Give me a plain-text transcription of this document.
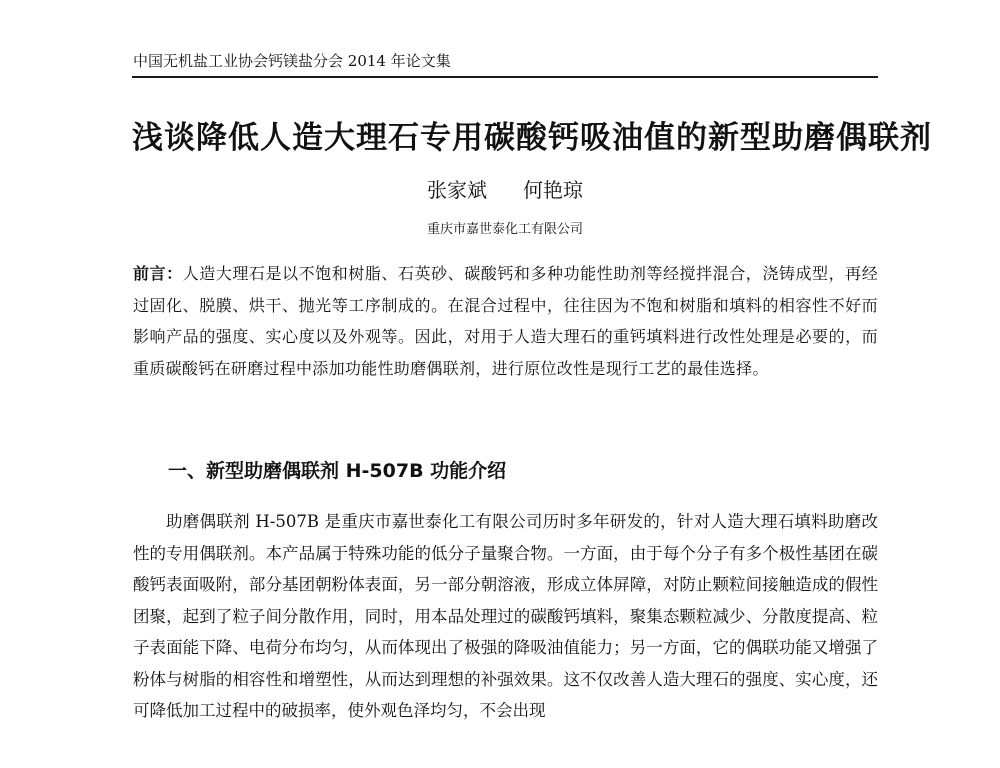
中国无机盐工业协会钙镁盐分会 2014 年论文集
浅谈降低人造大理石专用碳酸钙吸油值的新型助磨偶联剂
张家斌 何艳琼
重庆市嘉世泰化工有限公司
前言：人造大理石是以不饱和树脂、石英砂、碳酸钙和多种功能性助剂等经搅拌混合，浇铸成型，再经过固化、脱膜、烘干、抛光等工序制成的。在混合过程中，往往因为不饱和树脂和填料的相容性不好而影响产品的强度、实心度以及外观等。因此，对用于人造大理石的重钙填料进行改性处理是必要的，而重质碳酸钙在研磨过程中添加功能性助磨偶联剂，进行原位改性是现行工艺的最佳选择。
一、新型助磨偶联剂 H-507B 功能介绍
助磨偶联剂 H-507B 是重庆市嘉世泰化工有限公司历时多年研发的，针对人造大理石填料助磨改性的专用偶联剂。本产品属于特殊功能的低分子量聚合物。一方面，由于每个分子有多个极性基团在碳酸钙表面吸附，部分基团朝粉体表面，另一部分朝溶液，形成立体屏障，对防止颗粒间接触造成的假性团聚，起到了粒子间分散作用，同时，用本品处理过的碳酸钙填料，聚集态颗粒减少、分散度提高、粒子表面能下降、电荷分布均匀，从而体现出了极强的降吸油值能力；另一方面，它的偶联功能又增强了粉体与树脂的相容性和增塑性，从而达到理想的补强效果。这不仅改善人造大理石的强度、实心度，还可降低加工过程中的破损率，使外观色泽均匀，不会出现
